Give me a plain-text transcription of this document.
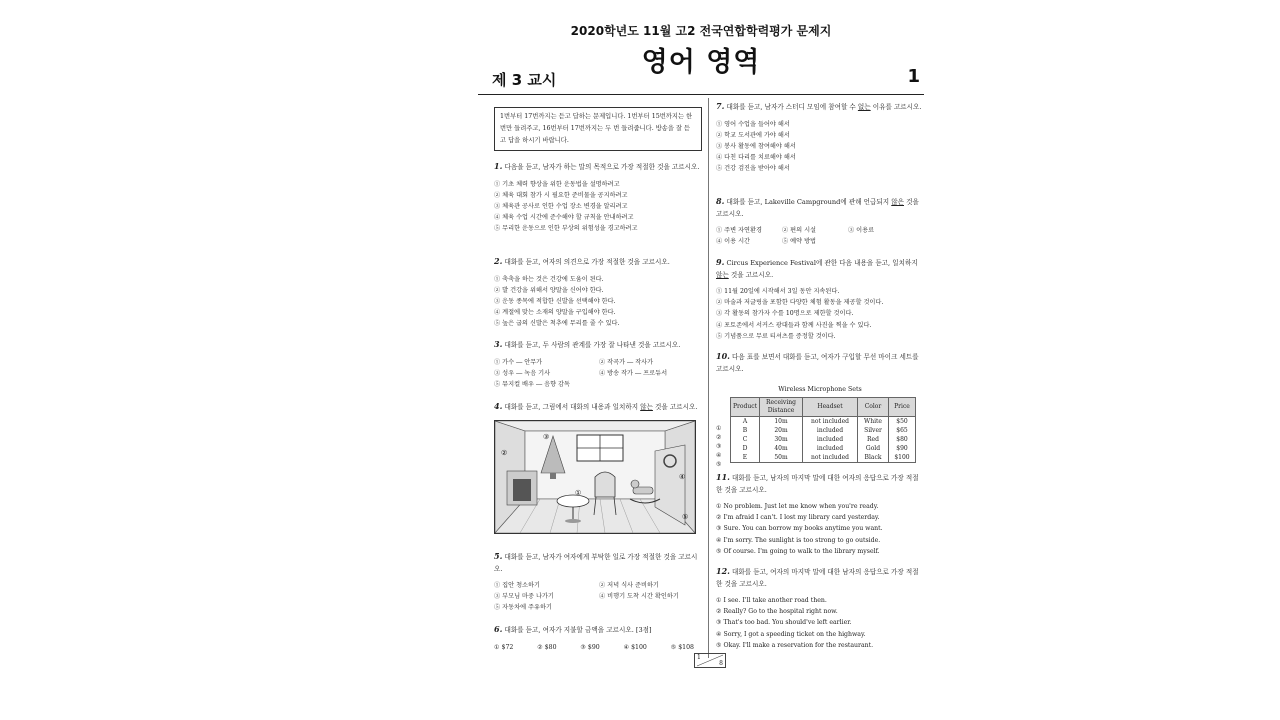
2020학년도 11월 고2 전국연합학력평가 문제지
영어 영역
제 3 교시	1
1번부터 17번까지는 듣고 답하는 문제입니다. 1번부터 15번까지는 한 번만 들려주고, 16번부터 17번까지는 두 번 들려줍니다. 방송을 잘 듣고 답을 하시기 바랍니다.
1. 다음을 듣고, 남자가 하는 말의 목적으로 가장 적절한 것을 고르시오.
① 기초 체력 향상을 위한 운동법을 설명하려고
② 체육 대회 참가 시 필요한 준비물을 공지하려고
③ 체육관 공사로 인한 수업 장소 변경을 알리려고
④ 체육 수업 시간에 준수해야 할 규칙을 안내하려고
⑤ 무리한 운동으로 인한 부상의 위험성을 경고하려고
2. 대화를 듣고, 여자의 의견으로 가장 적절한 것을 고르시오.
① 축축을 하는 것은 건강에 도움이 된다.
② 발 건강을 위해서 양말을 신어야 한다.
③ 운동 종목에 적합한 신발을 선택해야 한다.
④ 계절에 맞는 소재의 양말을 구입해야 한다.
⑤ 높은 굽의 신발은 척추에 무리를 줄 수 있다.
3. 대화를 듣고, 두 사람의 관계를 가장 잘 나타낸 것을 고르시오.
① 가수 ― 안무가	② 작곡가 ― 작사가
③ 성우 ― 녹음 기사	④ 방송 작가 ― 프로듀서
⑤ 뮤지컬 배우 ― 음향 감독
4. 대화를 듣고, 그림에서 대화의 내용과 일치하지 않는 것을 고르시오.
②
③
①
④
⑤
5. 대화를 듣고, 남자가 여자에게 부탁한 일로 가장 적절한 것을 고르시오.
① 집안 청소하기	② 저녁 식사 준비하기
③ 부모님 마중 나가기	④ 비행기 도착 시간 확인하기
⑤ 자동차에 주유하기
6. 대화를 듣고, 여자가 지불할 금액을 고르시오. [3점]
① $72	② $80	③ $90	④ $100	⑤ $108
7. 대화를 듣고, 남자가 스터디 모임에 참여할 수 없는 이유를 고르시오.
① 영어 수업을 들어야 해서
② 학교 도서관에 가야 해서
③ 봉사 활동에 참여해야 해서
④ 다친 다리를 치료해야 해서
⑤ 건강 검진을 받아야 해서
8. 대화를 듣고, Lakeville Campground에 관해 언급되지 않은 것을 고르시오.
① 주변 자연환경	② 편의 시설	③ 이용료
④ 이용 시간	⑤ 예약 방법
9. Circus Experience Festival에 관한 다음 내용을 듣고, 일치하지 않는 것을 고르시오.
① 11월 20일에 시작해서 3일 동안 지속된다.
② 마술과 저글링을 포함한 다양한 체험 활동을 제공할 것이다.
③ 각 활동의 참가자 수를 10명으로 제한할 것이다.
④ 포토존에서 서커스 광대들과 함께 사진을 찍을 수 있다.
⑤ 기념품으로 무료 티셔츠를 증정할 것이다.
10. 다음 표를 보면서 대화를 듣고, 여자가 구입할 무선 마이크 세트를 고르시오.
Wireless Microphone Sets
①
②
③
④
⑤
Product	Receiving Distance	Headset	Color	Price
A	10m	not included	White	$50
B	20m	included	Silver	$65
C	30m	included	Red	$80
D	40m	included	Gold	$90
E	50m	not included	Black	$100
11. 대화를 듣고, 남자의 마지막 말에 대한 여자의 응답으로 가장 적절한 것을 고르시오.
① No problem. Just let me know when you're ready.
② I'm afraid I can't. I lost my library card yesterday.
③ Sure. You can borrow my books anytime you want.
④ I'm sorry. The sunlight is too strong to go outside.
⑤ Of course. I'm going to walk to the library myself.
12. 대화를 듣고, 여자의 마지막 말에 대한 남자의 응답으로 가장 적절한 것을 고르시오.
① I see. I'll take another road then.
② Really? Go to the hospital right now.
③ That's too bad. You should've left earlier.
④ Sorry, I got a speeding ticket on the highway.
⑤ Okay. I'll make a reservation for the restaurant.
1
8
